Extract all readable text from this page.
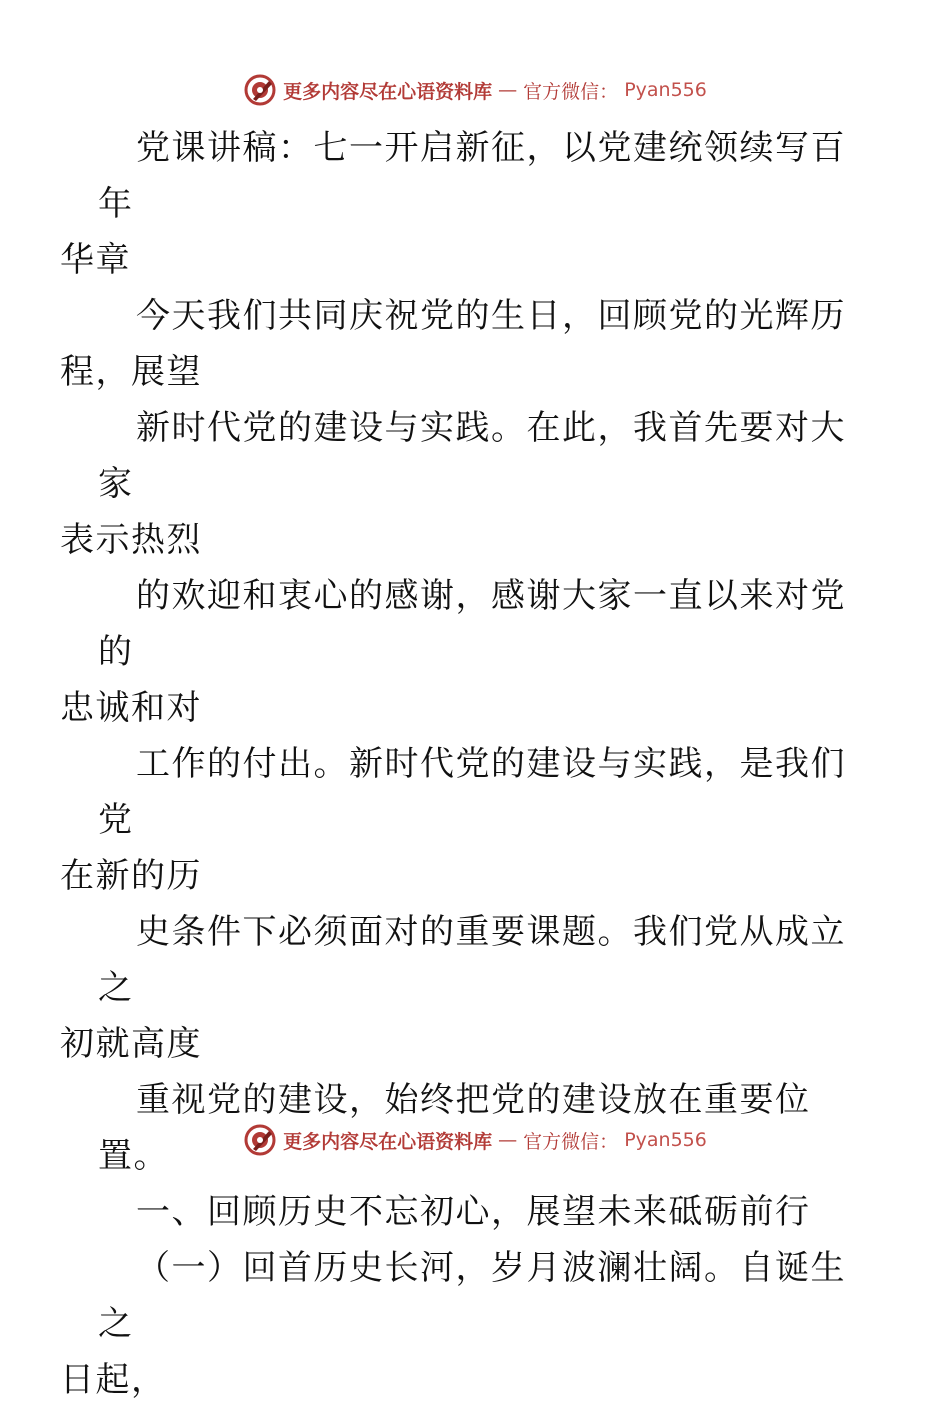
更多内容尽在心语资料库 — 官方微信： Pyan556

党课讲稿：七一开启新征，以党建统领续写百年
华章

今天我们共同庆祝党的生日，回顾党的光辉历
程，展望

新时代党的建设与实践。在此，我首先要对大家
表示热烈

的欢迎和衷心的感谢，感谢大家一直以来对党的
忠诚和对

工作的付出。新时代党的建设与实践，是我们党
在新的历

史条件下必须面对的重要课题。我们党从成立之
初就高度

重视党的建设，始终把党的建设放在重要位置。

一、回顾历史不忘初心，展望未来砥砺前行

（一）回首历史长河，岁月波澜壮阔。自诞生之
日起，

更多内容尽在心语资料库 — 官方微信： Pyan556
